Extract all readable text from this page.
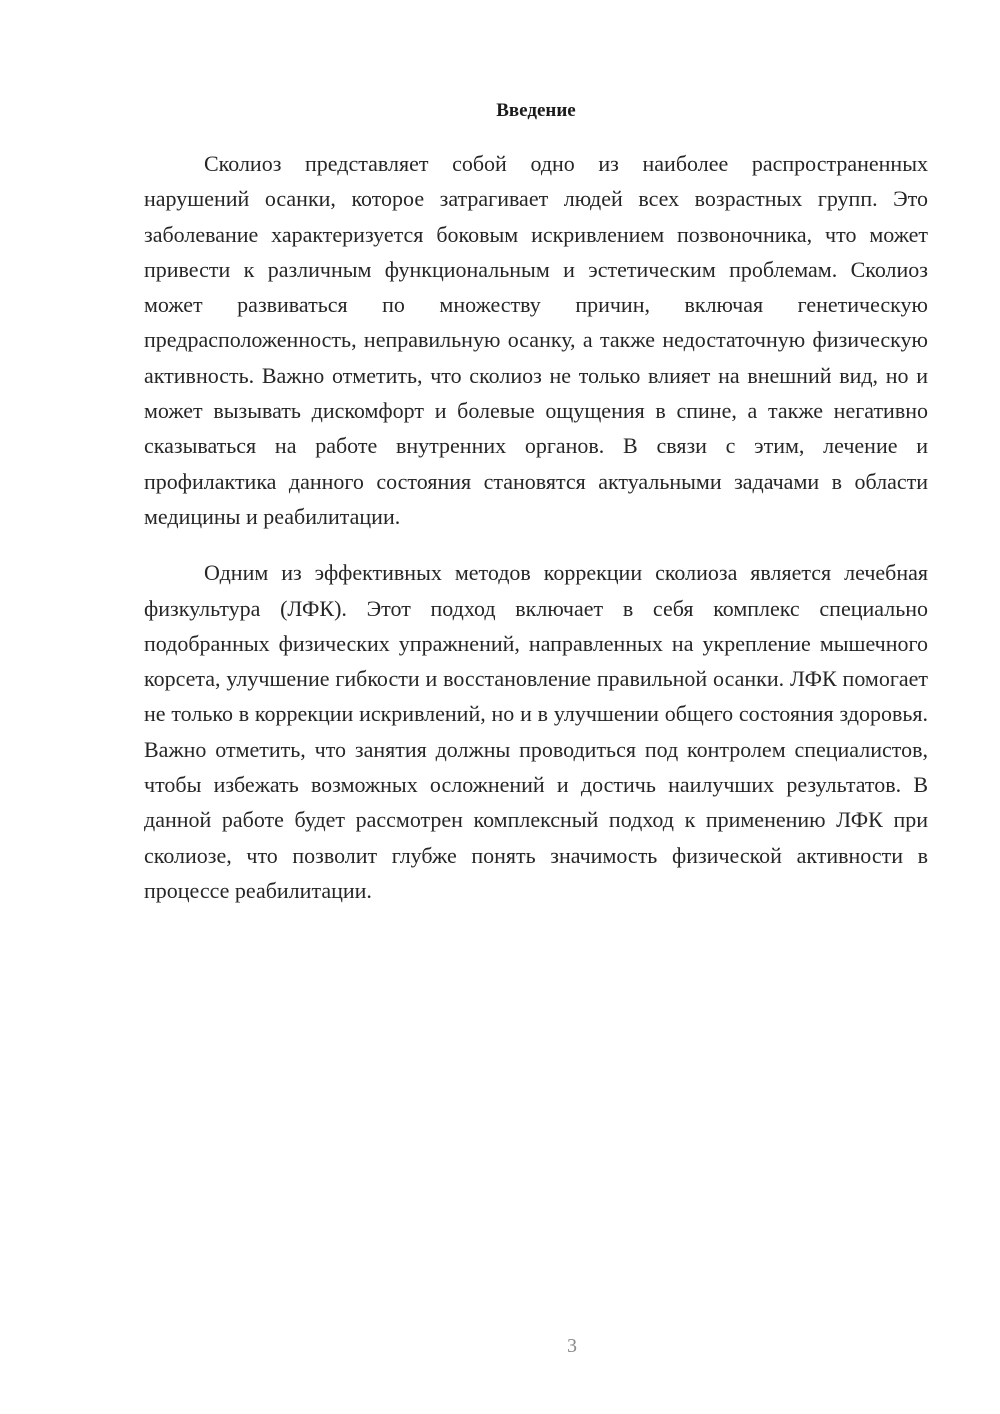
Введение

Сколиоз представляет собой одно из наиболее распространенных нарушений осанки, которое затрагивает людей всех возрастных групп. Это заболевание характеризуется боковым искривлением позвоночника, что может привести к различным функциональным и эстетическим проблемам. Сколиоз может развиваться по множеству причин, включая генетическую предрасположенность, неправильную осанку, а также недостаточную физическую активность. Важно отметить, что сколиоз не только влияет на внешний вид, но и может вызывать дискомфорт и болевые ощущения в спине, а также негативно сказываться на работе внутренних органов. В связи с этим, лечение и профилактика данного состояния становятся актуальными задачами в области медицины и реабилитации.

Одним из эффективных методов коррекции сколиоза является лечебная физкультура (ЛФК). Этот подход включает в себя комплекс специально подобранных физических упражнений, направленных на укрепление мышечного корсета, улучшение гибкости и восстановление правильной осанки. ЛФК помогает не только в коррекции искривлений, но и в улучшении общего состояния здоровья. Важно отметить, что занятия должны проводиться под контролем специалистов, чтобы избежать возможных осложнений и достичь наилучших результатов. В данной работе будет рассмотрен комплексный подход к применению ЛФК при сколиозе, что позволит глубже понять значимость физической активности в процессе реабилитации.

3
